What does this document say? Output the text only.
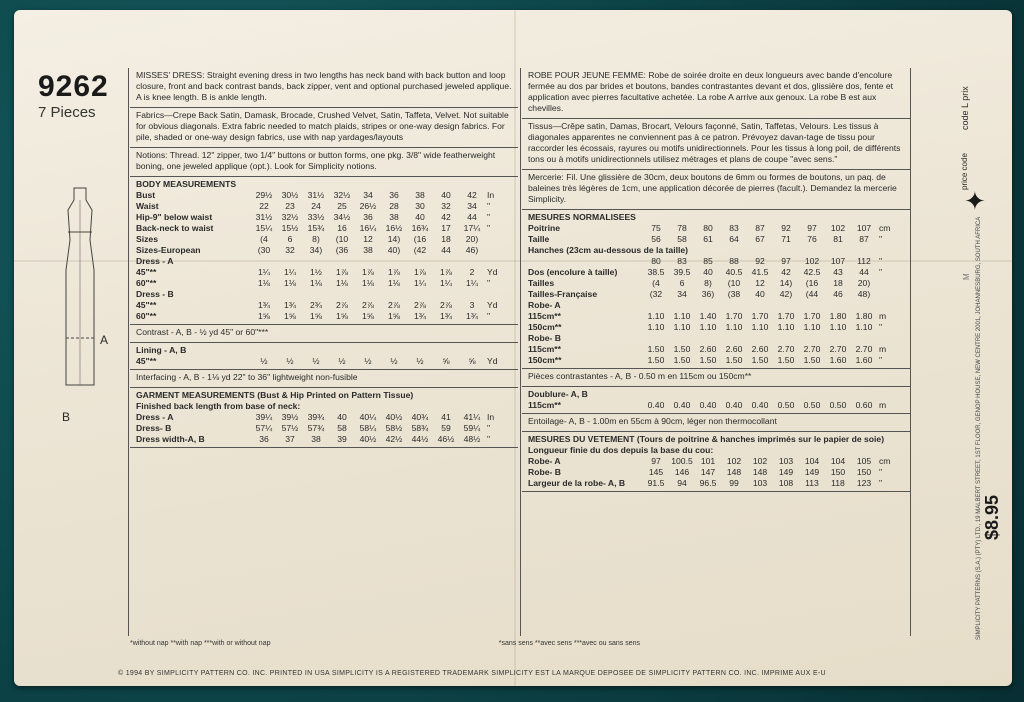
9262
7 Pieces
A
B
MISSES' DRESS: Straight evening dress in two lengths has neck band with back button and loop closure, front and back contrast bands, back zipper, vent and optional purchased jeweled applique. A is knee length. B is ankle length.
Fabrics—Crepe Back Satin, Damask, Brocade, Crushed Velvet, Satin, Taffeta, Velvet. Not suitable for obvious diagonals. Extra fabric needed to match plaids, stripes or one-way design fabrics. For pile, shaded or one-way design fabrics, use with nap yardages/layouts
Notions: Thread. 12" zipper, two 1/4" buttons or button forms, one pkg. 3/8" wide featherweight boning, one jeweled applique (opt.). Look for Simplicity notions.
BODY MEASUREMENTS
Bust	29½	30½	31½	32½	34	36	38	40	42	In
Waist	22	23	24	25	26½	28	30	32	34	"
Hip-9" below waist	31½	32½	33½	34½	36	38	40	42	44	"
Back-neck to waist	15¼	15½	15¾	16	16¼	16½	16¾	17	17¼ "
Sizes	(4	6	8)	(10	12	14)	(16	18	20)
Sizes-European	(30	32	34)	(36	38	40)	(42	44	46)
Dress - A
45"**	1¼	1¼	1½	1⅞	1⅞	1⅞	1⅞	1⅞	2	Yd
60"**	1⅛	1⅛	1⅛	1⅛	1⅛	1⅛	1¼	1¼	1¼	"
Dress - B
45"**	1¾	1¾	2¾	2⅞	2⅞	2⅞	2⅞	2⅞	3	Yd
60"**	1⅝	1⅝	1⅝	1⅝	1⅝	1⅝	1¾	1¾	1¾	"
Contrast - A, B - ½ yd 45" or 60"***
Lining - A, B
45"**	½	½	½	½	½	½	½	⅝	⅝	Yd
Interfacing - A, B - 1⅛ yd 22" to 36" lightweight non-fusible
GARMENT MEASUREMENTS (Bust & Hip Printed on Pattern Tissue)
Finished back length from base of neck:
Dress - A	39¼	39½	39¾	40	40¼	40½	40¾	41	41¼ In
Dress- B	57¼	57½	57¾	58	58¼	58½	58¾	59	59¼ "
Dress width-A, B	36	37	38	39	40½	42½	44½	46½	48½ "
ROBE POUR JEUNE FEMME: Robe de soirée droite en deux longueurs avec bande d'encolure fermée au dos par brides et boutons, bandes contrastantes devant et dos, glissière dos, fente et application avec pierres facultative achetée. La robe A arrive aux genoux. La robe B est aux chevilles.
Tissus—Crêpe satin, Damas, Brocart, Velours façonné, Satin, Taffetas, Velours. Les tissus à diagonales apparentes ne conviennent pas à ce patron. Prévoyez davan-tage de tissu pour raccorder les écossais, rayures ou motifs unidirectionnels. Pour les tissus à long poil, de différents tons ou à motifs unidirectionnels utilisez métrages et plans de coupe "avec sens."
Mercerie: Fil. Une glissière de 30cm, deux boutons de 6mm ou formes de boutons, un paq. de baleines très légères de 1cm, une application décorée de pierres (facult.). Demandez la mercerie Simplicity.
MESURES NORMALISEES
Poitrine	75	78	80	83	87	92	97	102	107 cm
Taille	56	58	61	64	67	71	76	81	87	"
Hanches (23cm au-dessous de la taille)
80	83	85	88	92	97	102	107	112 "
Dos (encolure à taille)	38.5	39.5	40	40.5	41.5	42	42.5	43	44	"
Tailles	(4	6	8)	(10	12	14)	(16	18	20)
Tailles-Française	(32	34	36)	(38	40	42)	(44	46	48)
Robe- A
115cm**	1.10	1.10	1.40	1.70	1.70	1.70	1.70	1.80	1.80 m
150cm**	1.10	1.10	1.10	1.10	1.10	1.10	1.10	1.10	1.10 "
Robe- B
115cm**	1.50	1.50	2.60	2.60	2.60	2.70	2.70	2.70	2.70 m
150cm**	1.50	1.50	1.50	1.50	1.50	1.50	1.50	1.60	1.60 "
Pièces contrastantes - A, B - 0.50 m en 115cm ou 150cm**
Doublure- A, B
115cm**	0.40	0.40	0.40	0.40	0.40	0.50	0.50	0.50	0.60 m
Entoilage- A, B - 1.00m en 55cm à 90cm, léger non thermocollant
MESURES DU VETEMENT (Tours de poitrine & hanches imprimés sur le papier de soie)
Longueur finie du dos depuis la base du cou:
Robe- A	97	100.5 101	102	102	103	104	104	105 cm
Robe- B	145	146	147	148	148	149	149	150	150 "
Largeur de la robe- A, B	91.5	94	96.5	99	103	108	113	118	123 "
*without nap **with nap ***with or without nap	*sans sens **avec sens ***avec ou sans sens
© 1994 BY SIMPLICITY PATTERN CO. INC. PRINTED IN USA SIMPLICITY IS A REGISTERED TRADEMARK SIMPLICITY EST LA MARQUE DEPOSEE DE SIMPLICITY PATTERN CO. INC. IMPRIME AUX E-U
code L prix
price code
M SIMPLICITY PATTERNS (S.A.) (PTY) LTD., 19 MALBERT STREET, 1ST FLOOR, GENOP HOUSE, NEW CENTRE 2001, JOHANNESBURG, SOUTH AFRICA $8.95
✦
